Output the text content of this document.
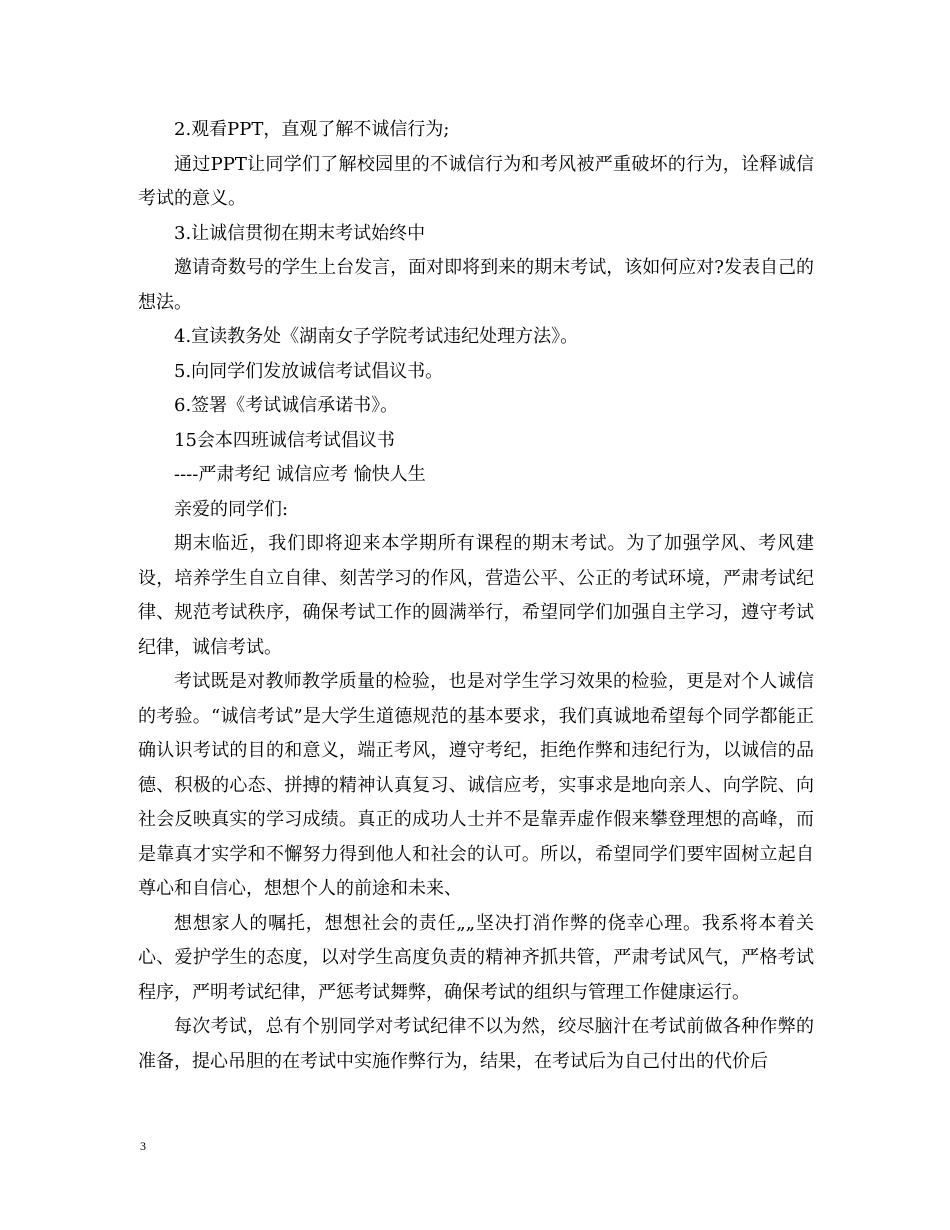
2.观看PPT，直观了解不诚信行为;

通过PPT让同学们了解校园里的不诚信行为和考风被严重破坏的行为，诠释诚信考试的意义。

3.让诚信贯彻在期末考试始终中

邀请奇数号的学生上台发言，面对即将到来的期末考试，该如何应对?发表自己的想法。

4.宣读教务处《湖南女子学院考试违纪处理方法》。

5.向同学们发放诚信考试倡议书。

6.签署《考试诚信承诺书》。

15会本四班诚信考试倡议书

----严肃考纪 诚信应考 愉快人生

亲爱的同学们:

期末临近，我们即将迎来本学期所有课程的期末考试。为了加强学风、考风建设，培养学生自立自律、刻苦学习的作风，营造公平、公正的考试环境，严肃考试纪律、规范考试秩序，确保考试工作的圆满举行，希望同学们加强自主学习，遵守考试纪律，诚信考试。

考试既是对教师教学质量的检验，也是对学生学习效果的检验，更是对个人诚信的考验。“诚信考试”是大学生道德规范的基本要求，我们真诚地希望每个同学都能正确认识考试的目的和意义，端正考风，遵守考纪，拒绝作弊和违纪行为，以诚信的品德、积极的心态、拼搏的精神认真复习、诚信应考，实事求是地向亲人、向学院、向社会反映真实的学习成绩。真正的成功人士并不是靠弄虚作假来攀登理想的高峰，而是靠真才实学和不懈努力得到他人和社会的认可。所以，希望同学们要牢固树立起自尊心和自信心，想想个人的前途和未来、

想想家人的嘱托，想想社会的责任„„坚决打消作弊的侥幸心理。我系将本着关心、爱护学生的态度，以对学生高度负责的精神齐抓共管，严肃考试风气，严格考试程序，严明考试纪律，严惩考试舞弊，确保考试的组织与管理工作健康运行。

每次考试，总有个别同学对考试纪律不以为然，绞尽脑汁在考试前做各种作弊的准备，提心吊胆的在考试中实施作弊行为，结果，在考试后为自己付出的代价后

3
